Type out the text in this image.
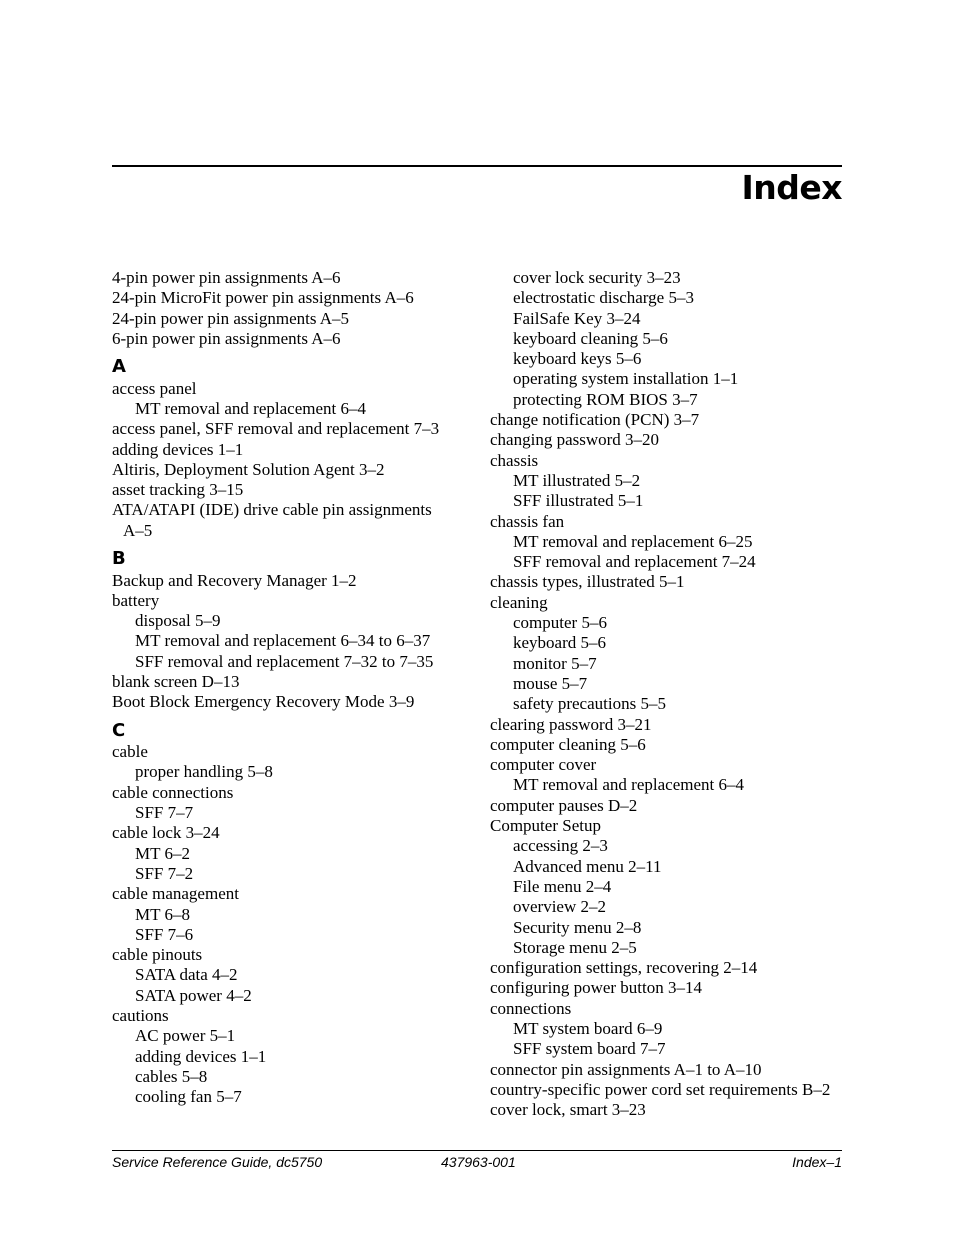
Index
4-pin power pin assignments A–6
24-pin MicroFit power pin assignments A–6
24-pin power pin assignments A–5
6-pin power pin assignments A–6
A
access panel
MT removal and replacement 6–4
access panel, SFF removal and replacement 7–3
adding devices 1–1
Altiris, Deployment Solution Agent 3–2
asset tracking 3–15
ATA/ATAPI (IDE) drive cable pin assignments
A–5
B
Backup and Recovery Manager 1–2
battery
disposal 5–9
MT removal and replacement 6–34 to 6–37
SFF removal and replacement 7–32 to 7–35
blank screen D–13
Boot Block Emergency Recovery Mode 3–9
C
cable
proper handling 5–8
cable connections
SFF 7–7
cable lock 3–24
MT 6–2
SFF 7–2
cable management
MT 6–8
SFF 7–6
cable pinouts
SATA data 4–2
SATA power 4–2
cautions
AC power 5–1
adding devices 1–1
cables 5–8
cooling fan 5–7
cover lock security 3–23
electrostatic discharge 5–3
FailSafe Key 3–24
keyboard cleaning 5–6
keyboard keys 5–6
operating system installation 1–1
protecting ROM BIOS 3–7
change notification (PCN) 3–7
changing password 3–20
chassis
MT illustrated 5–2
SFF illustrated 5–1
chassis fan
MT removal and replacement 6–25
SFF removal and replacement 7–24
chassis types, illustrated 5–1
cleaning
computer 5–6
keyboard 5–6
monitor 5–7
mouse 5–7
safety precautions 5–5
clearing password 3–21
computer cleaning 5–6
computer cover
MT removal and replacement 6–4
computer pauses D–2
Computer Setup
accessing 2–3
Advanced menu 2–11
File menu 2–4
overview 2–2
Security menu 2–8
Storage menu 2–5
configuration settings, recovering 2–14
configuring power button 3–14
connections
MT system board 6–9
SFF system board 7–7
connector pin assignments A–1 to A–10
country-specific power cord set requirements B–2
cover lock, smart 3–23
Service Reference Guide, dc5750	437963-001	Index–1
